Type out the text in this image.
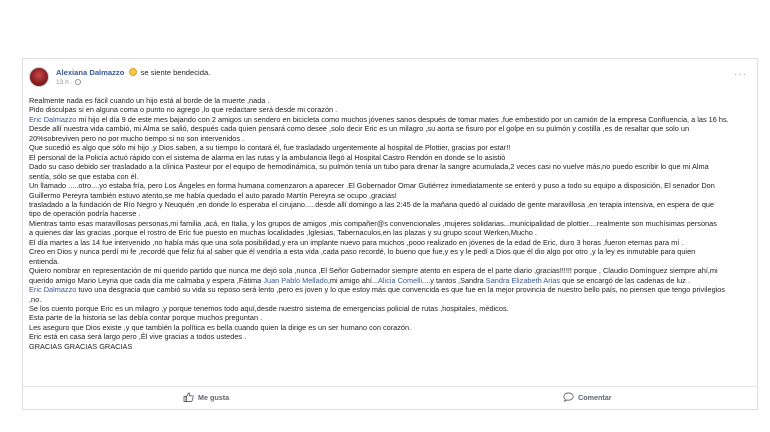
Alexiana Dalmazzo se siente bendecida.
13 h ·
···

Realmente nada es fácil cuando un hijo está al borde de la muerte ,nada .

Pido disculpas si en alguna coma o punto no agrego ,lo que redactare será desde mi corazón .

Eric Dalmazzo mi hijo el día 9 de este mes bajando con 2 amigos un sendero en bicicleta como muchos jóvenes sanos después de tomar mates ,fue embestido por un camión de la empresa Confluencia, a las 16 hs.

Desde allí nuestra vida cambió, mi Alma se salió, después cada quien pensará como desee ,solo decir Eric es un milagro ,su aorta se fisuro por el golpe en su pulmón y costilla ,es de resaltar que solo un

20%sobreviven pero no por mucho tiempo si no son intervenidos .

Que sucedió es algo que sólo mi hijo ,y Dios saben, a su tiempo lo contará él, fue trasladado urgentemente al hospital de Plottier, gracias por estar!!

El personal de la Policía actuó rápido con el sistema de alarma en las rutas y la ambulancia llegó al Hospital Castro Rendón en donde se lo asistió

Dado su caso debido ser trasladado a la clínica Pasteur por el equipo de hemodinámica, su pulmón tenía un tubo para drenar la sangre acumulada,2 veces casi no vuelve más,no puedo escribir lo que mi Alma

sentía, sólo se que estaba con él.

Un llamado .....otro....yo estaba fría, pero Los Ángeles en forma humana comenzaron a aparecer .El Gobernador Omar Gutiérrez inmediatamente se enteró y puso a todo su equipo a disposición, El senador Don

Guillermo Pereyra también estuvo atento,se me había quedado el auto parado Martín Pereyra se ocupo ,gracias!

trasladado a la fundación de Río Negro y Neuquén ,en donde lo esperaba el cirujano.....desde allí domingo a las 2:45 de la mañana quedó al cuidado de gente maravillosa ,en terapia intensiva, en espera de que

tipo de operación podría hacerse .

Mientras tanto esas maravillosas personas,mi familia ,acá, en Italia, y los grupos de amigos ,mis compañer@s convencionales ,mujeres solidarias...municipalidad de plottier....realmente son muchísimas personas

a quienes dar las gracias ,porque el rostro de Eric fue puesto en muchas localidades ,Iglesias, Tabernaculos,en las plazas y su grupo scout Werken,Mucho .

El día martes a las 14 fue intervenido ,no había más que una sola posibilidad,y era un implante nuevo para muchos ,pooo realizado en jóvenes de la edad de Eric, duro 3 horas ,fueron eternas para mí .

Creo en Dios y nunca perdí mi fe ,recordé que feliz fui al saber que él vendría a esta vida ,cada paso recordé, lo bueno que fue,y es y le pedí a Dios que él dio algo por otro ,y la ley es inmutable para quien

entienda.

Quiero nombrar en representación de mi querido partido que nunca me dejó sola ,nunca ,El Señor Gobernador siempre atento en espera de el parte diario ,gracias!!!!!! porque , Claudio Domínguez siempre ahí,mi

querido amigo Mario Leyria que cada día me calmaba y espera ,Fátima Juan Pablo Mellado,mi amigo ahí...Alicia Comelli....y tantos ,Sandra Sandra Elizabeth Arias que se encargó de las cadenas de luz .

Eric Dalmazzo tuvo una desgracia que cambió su vida su reposo será lento ,pero es joven y lo que estoy más que convencida es que fue en la mejor provincia de nuestro bello país, no piensen que tengo privilegios

,no.

Se los cuento porque Eric es un milagro ,y porque tenemos todo aquí,desde nuestro sistema de emergencias policial de rutas ,hospitales, médicos.

Esta parte de la historia se las debía contar porque muchos preguntan .

Les aseguro que Dios existe ,y que también la política es bella cuando quien la dirige es un ser humano con corazón.

Eric está en casa será largo pero ,Él vive gracias a todos ustedes .

GRACIAS GRACIAS GRACIAS

Me gusta	Comentar
